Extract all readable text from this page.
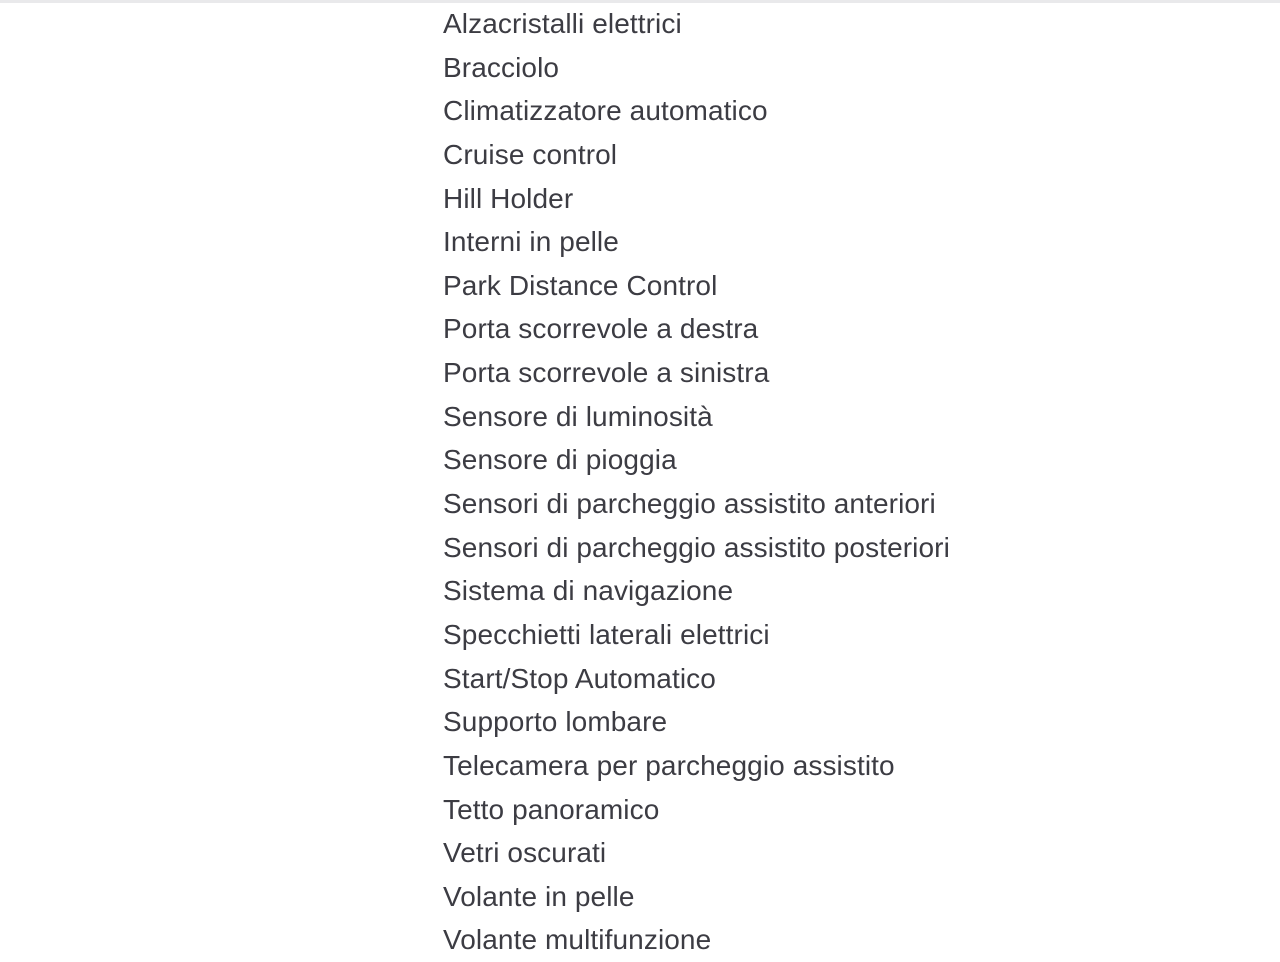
Alzacristalli elettrici
Bracciolo
Climatizzatore automatico
Cruise control
Hill Holder
Interni in pelle
Park Distance Control
Porta scorrevole a destra
Porta scorrevole a sinistra
Sensore di luminosità
Sensore di pioggia
Sensori di parcheggio assistito anteriori
Sensori di parcheggio assistito posteriori
Sistema di navigazione
Specchietti laterali elettrici
Start/Stop Automatico
Supporto lombare
Telecamera per parcheggio assistito
Tetto panoramico
Vetri oscurati
Volante in pelle
Volante multifunzione
